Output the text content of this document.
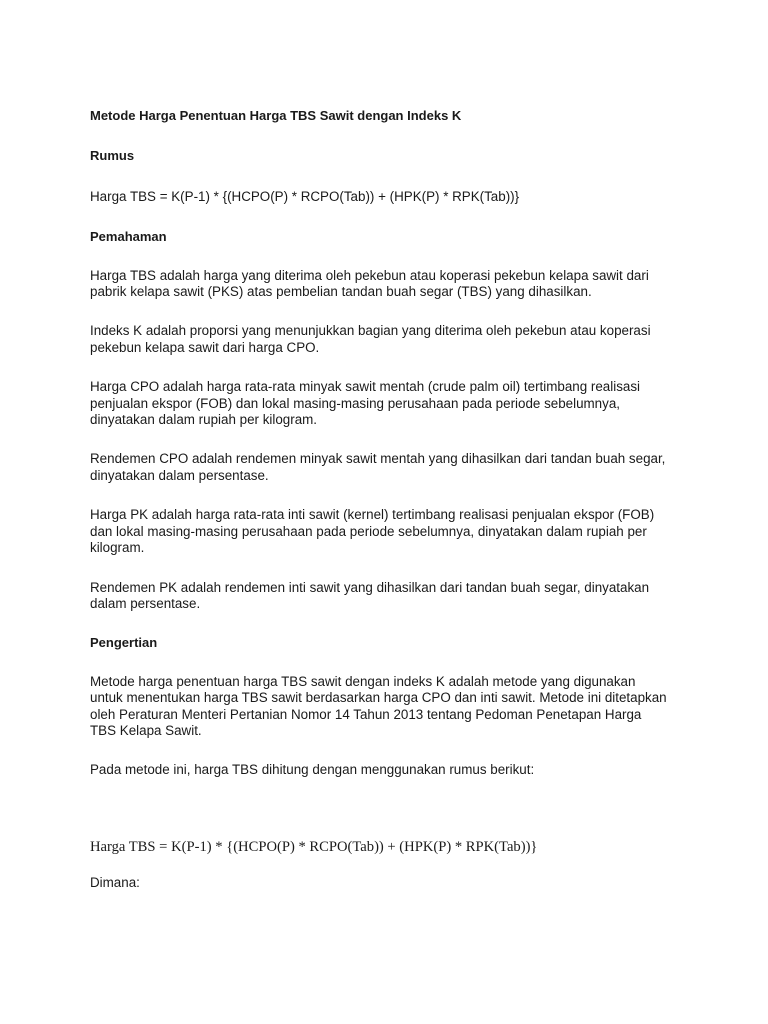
Metode Harga Penentuan Harga TBS Sawit dengan Indeks K

Rumus

Harga TBS = K(P-1) * {(HCPO(P) * RCPO(Tab)) + (HPK(P) * RPK(Tab))}

Pemahaman

Harga TBS adalah harga yang diterima oleh pekebun atau koperasi pekebun kelapa sawit dari pabrik kelapa sawit (PKS) atas pembelian tandan buah segar (TBS) yang dihasilkan.

Indeks K adalah proporsi yang menunjukkan bagian yang diterima oleh pekebun atau koperasi pekebun kelapa sawit dari harga CPO.

Harga CPO adalah harga rata-rata minyak sawit mentah (crude palm oil) tertimbang realisasi penjualan ekspor (FOB) dan lokal masing-masing perusahaan pada periode sebelumnya, dinyatakan dalam rupiah per kilogram.

Rendemen CPO adalah rendemen minyak sawit mentah yang dihasilkan dari tandan buah segar, dinyatakan dalam persentase.

Harga PK adalah harga rata-rata inti sawit (kernel) tertimbang realisasi penjualan ekspor (FOB) dan lokal masing-masing perusahaan pada periode sebelumnya, dinyatakan dalam rupiah per kilogram.

Rendemen PK adalah rendemen inti sawit yang dihasilkan dari tandan buah segar, dinyatakan dalam persentase.

Pengertian

Metode harga penentuan harga TBS sawit dengan indeks K adalah metode yang digunakan untuk menentukan harga TBS sawit berdasarkan harga CPO dan inti sawit. Metode ini ditetapkan oleh Peraturan Menteri Pertanian Nomor 14 Tahun 2013 tentang Pedoman Penetapan Harga TBS Kelapa Sawit.

Pada metode ini, harga TBS dihitung dengan menggunakan rumus berikut:

Harga TBS = K(P-1) * {(HCPO(P) * RCPO(Tab)) + (HPK(P) * RPK(Tab))}

Dimana:
